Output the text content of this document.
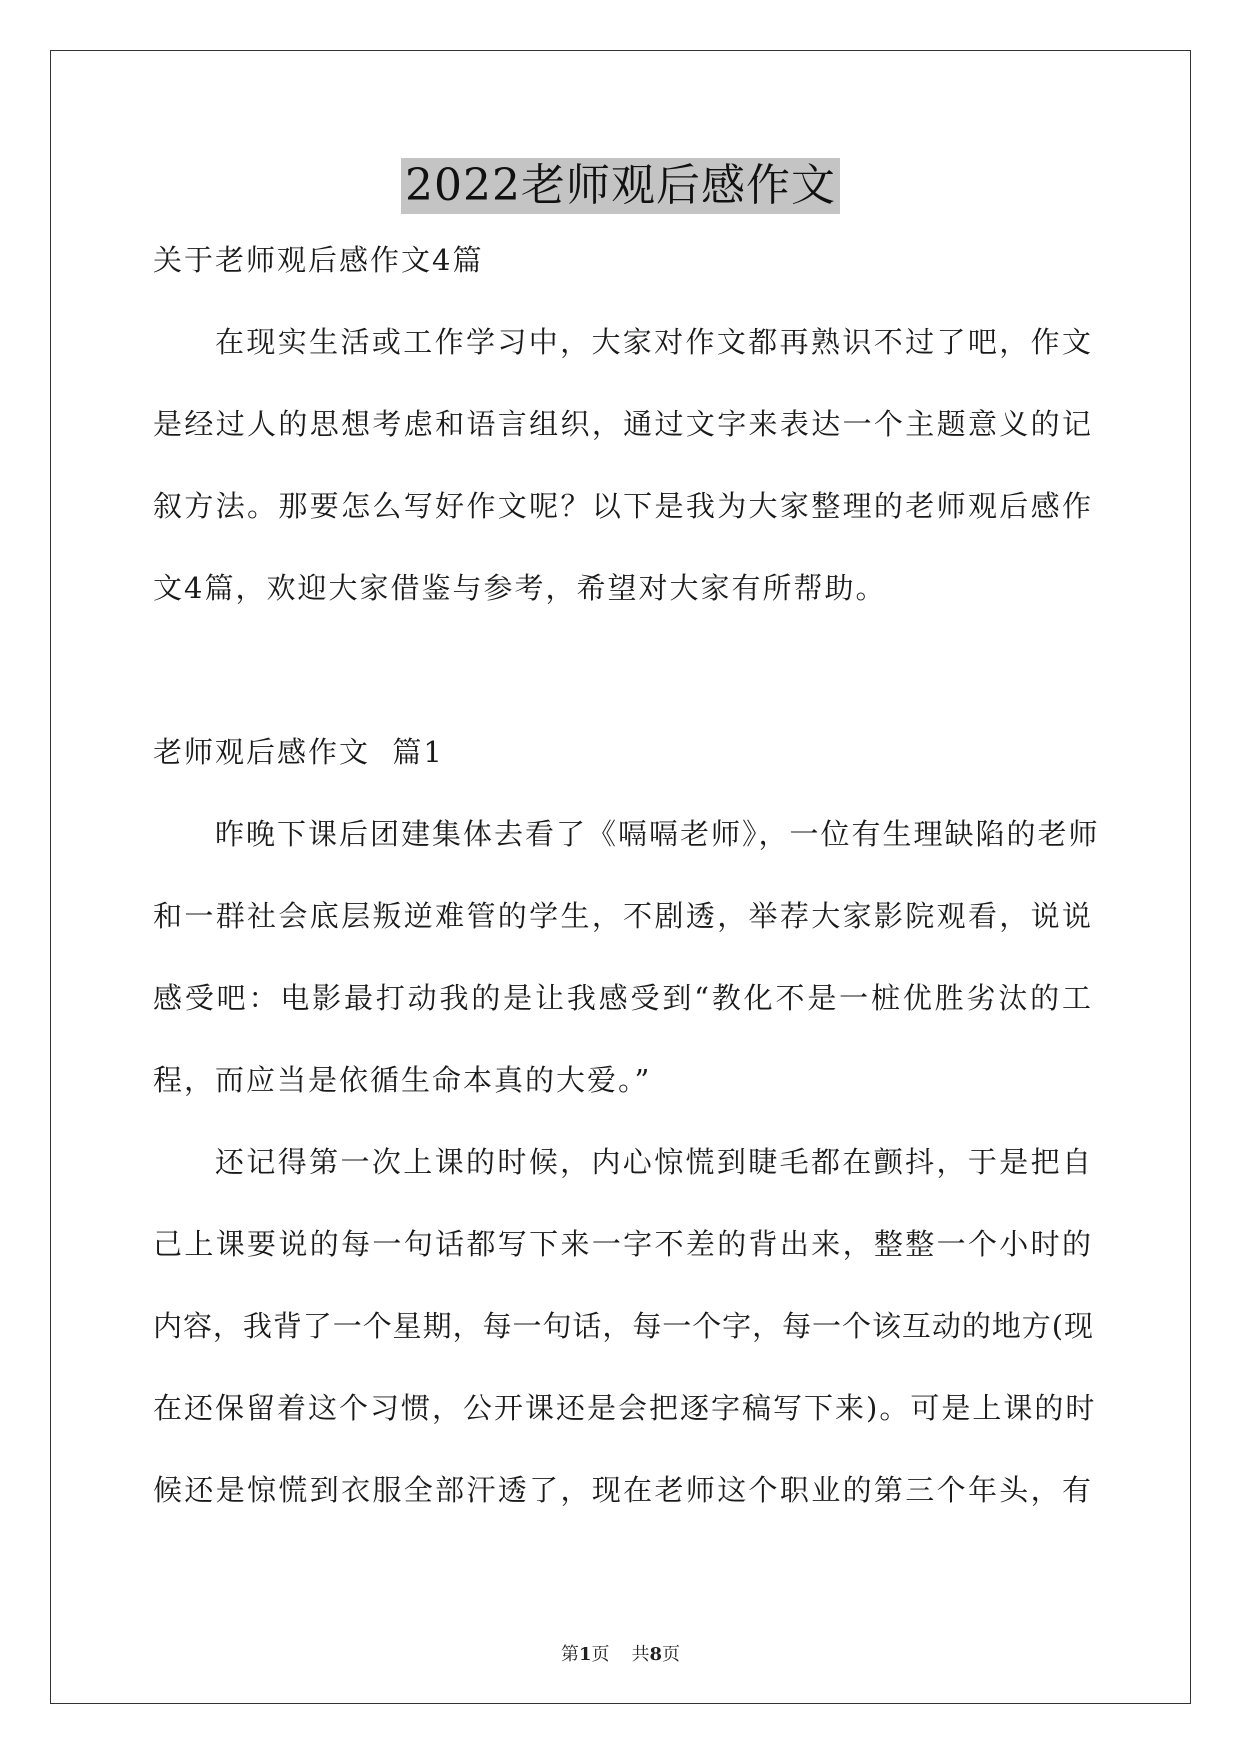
2022老师观后感作文
关于老师观后感作文4篇
在现实生活或工作学习中，大家对作文都再熟识不过了吧，作文
是经过人的思想考虑和语言组织，通过文字来表达一个主题意义的记
叙方法。那要怎么写好作文呢？以下是我为大家整理的老师观后感作
文4篇，欢迎大家借鉴与参考，希望对大家有所帮助。
老师观后感作文  篇1
昨晚下课后团建集体去看了《嗝嗝老师》，一位有生理缺陷的老师
和一群社会底层叛逆难管的学生，不剧透，举荐大家影院观看，说说
感受吧：电影最打动我的是让我感受到“教化不是一桩优胜劣汰的工
程，而应当是依循生命本真的大爱。”
还记得第一次上课的时候，内心惊慌到睫毛都在颤抖，于是把自
己上课要说的每一句话都写下来一字不差的背出来，整整一个小时的
内容，我背了一个星期，每一句话，每一个字，每一个该互动的地方(现
在还保留着这个习惯，公开课还是会把逐字稿写下来)。可是上课的时
候还是惊慌到衣服全部汗透了，现在老师这个职业的第三个年头，有
第1页 共8页
